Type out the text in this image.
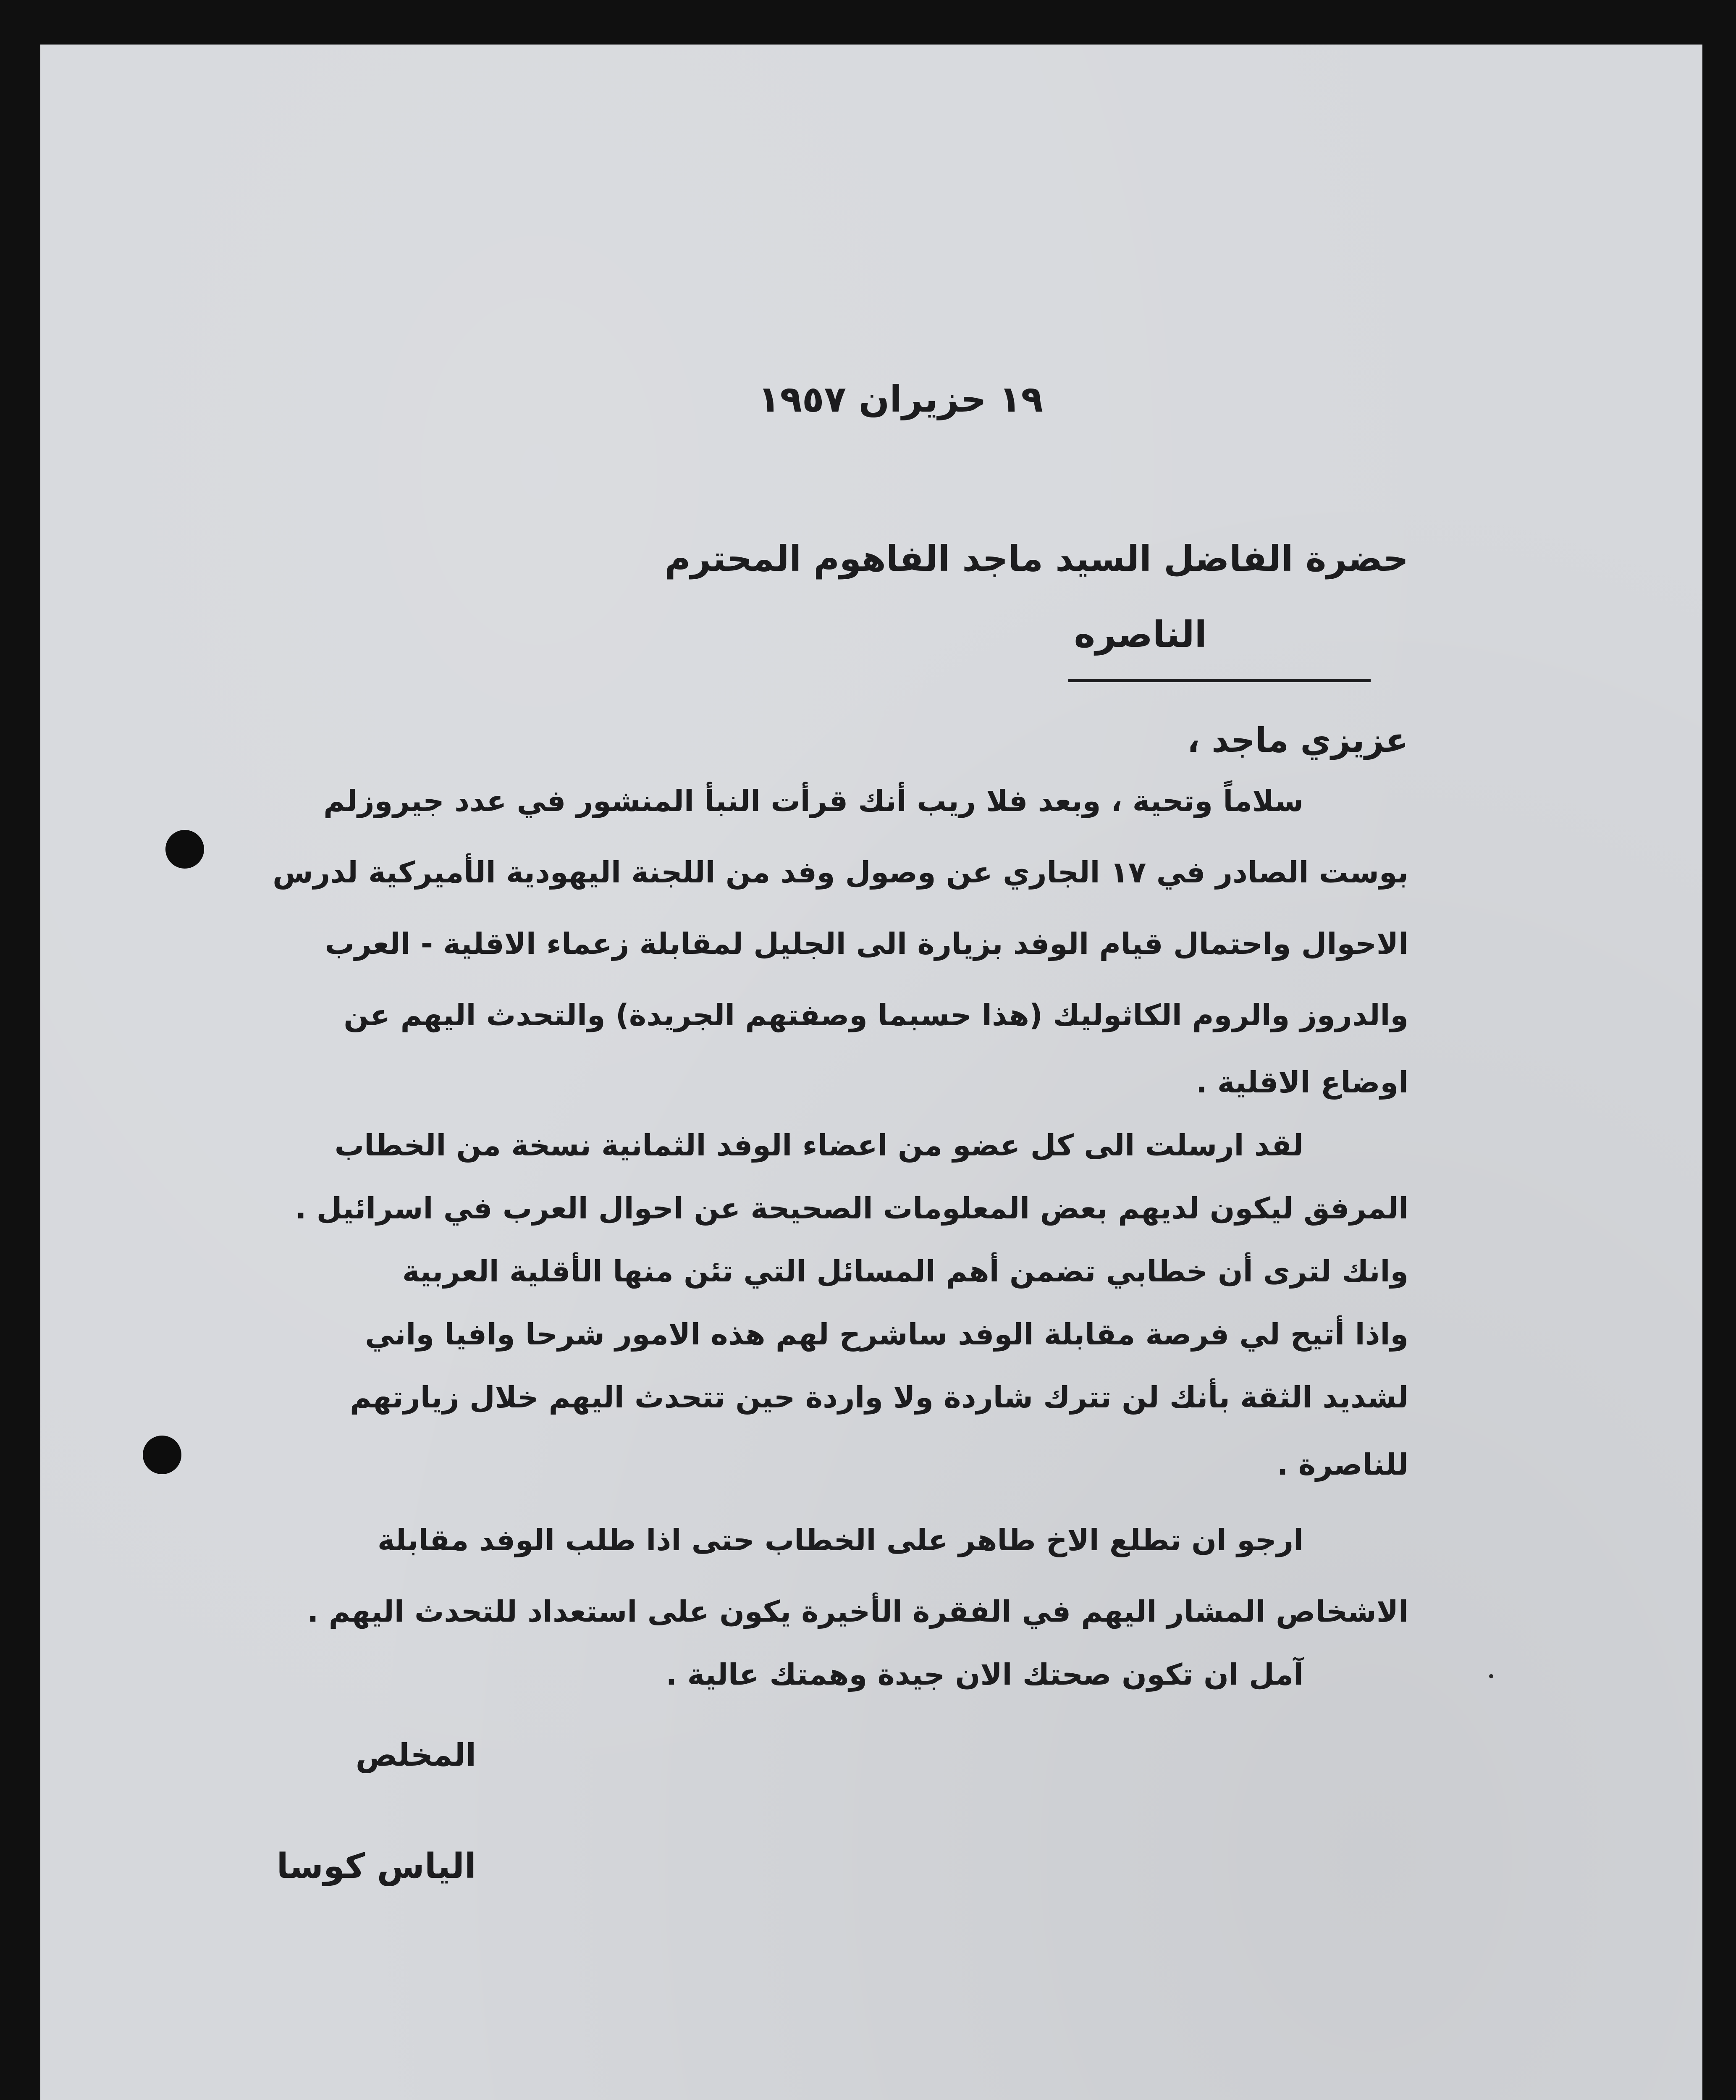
١٩ حزيران ١٩٥٧
حضرة الفاضل السيد ماجد الفاهوم المحترم
الناصره
عزيزي ماجد ،
سلاماً وتحية ، وبعد فلا ريب أنك قرأت النبأ المنشور في عدد جيروزلم
بوست الصادر في ١٧ الجاري عن وصول وفد من اللجنة اليهودية الأميركية لدرس
الاحوال واحتمال قيام الوفد بزيارة الى الجليل لمقابلة زعماء الاقلية - العرب
والدروز والروم الكاثوليك (هذا حسبما وصفتهم الجريدة) والتحدث اليهم عن
اوضاع الاقلية .
لقد ارسلت الى كل عضو من اعضاء الوفد الثمانية نسخة من الخطاب
المرفق ليكون لديهم بعض المعلومات الصحيحة عن احوال العرب في اسرائيل .
وانك لترى أن خطابي تضمن أهم المسائل التي تئن منها الأقلية العربية
واذا أتيح لي فرصة مقابلة الوفد ساشرح لهم هذه الامور شرحا وافيا واني
لشديد الثقة بأنك لن تترك شاردة ولا واردة حين تتحدث اليهم خلال زيارتهم
للناصرة .
ارجو ان تطلع الاخ طاهر على الخطاب حتى اذا طلب الوفد مقابلة
الاشخاص المشار اليهم في الفقرة الأخيرة يكون على استعداد للتحدث اليهم .
آمل ان تكون صحتك الان جيدة وهمتك عالية .
المخلص
الياس كوسا
